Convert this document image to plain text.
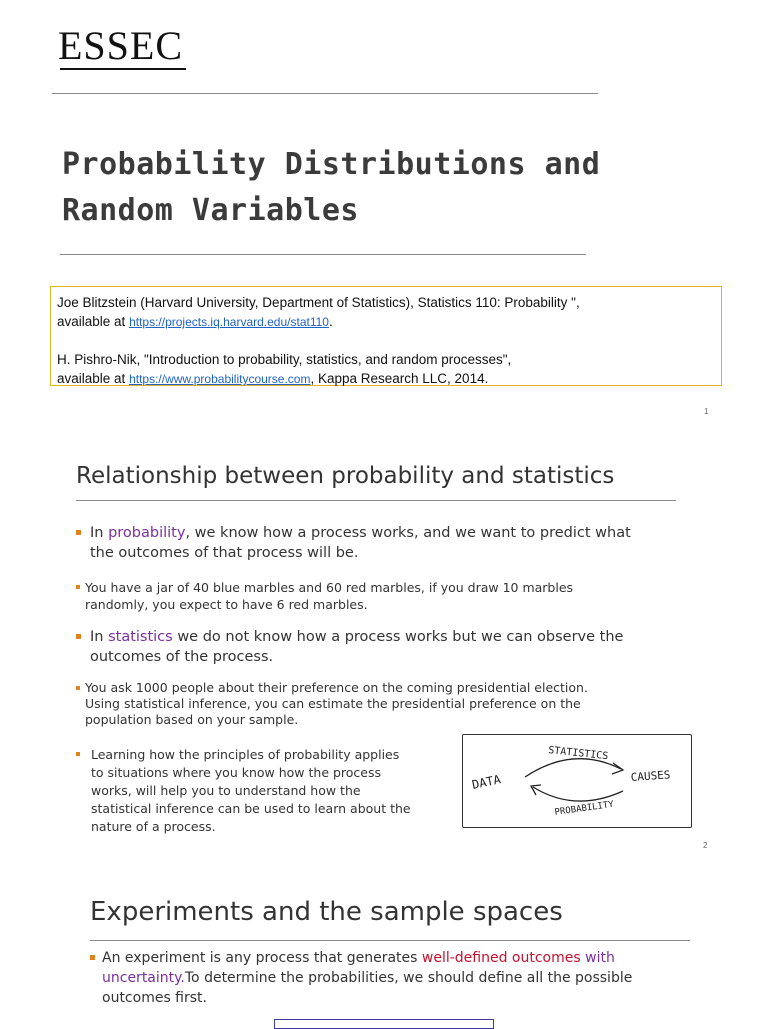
ESSEC
Probability Distributions and
Random Variables

Joe Blitzstein (Harvard University, Department of Statistics), Statistics 110: Probability ",
available at https://projects.iq.harvard.edu/stat110.

H. Pishro-Nik, "Introduction to probability, statistics, and random processes",
available at https://www.probabilitycourse.com, Kappa Research LLC, 2014.

1
Relationship between probability and statistics
In probability, we know how a process works, and we want to predict what
the outcomes of that process will be.
You have a jar of 40 blue marbles and 60 red marbles, if you draw 10 marbles
randomly, you expect to have 6 red marbles.
In statistics we do not know how a process works but we can observe the
outcomes of the process.
You ask 1000 people about their preference on the coming presidential election.
Using statistical inference, you can estimate the presidential preference on the
population based on your sample.
Learning how the principles of probability applies
to situations where you know how the process
works, will help you to understand how the
statistical inference can be used to learn about the
nature of a process.
DATA	CAUSES
STATISTICS
PROBABILITY
2
Experiments and the sample spaces
An experiment is any process that generates well-defined outcomes with
uncertainty.To determine the probabilities, we should define all the possible
outcomes first.
